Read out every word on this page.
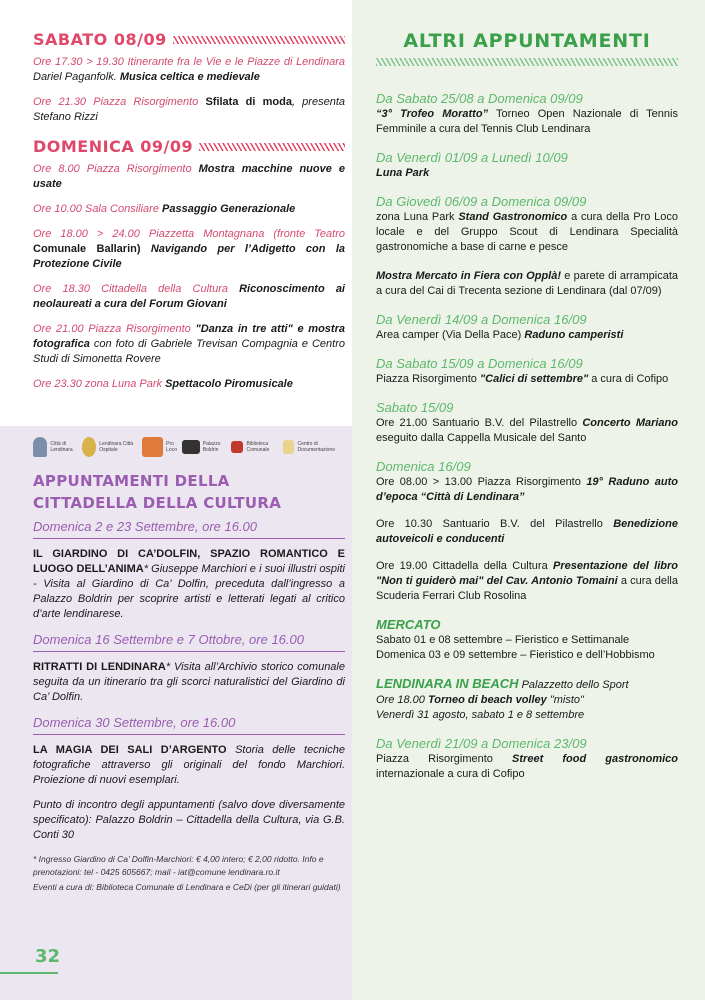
SABATO 08/09
Ore 17.30 > 19.30 Itinerante fra le Vie e le Piazze di Lendinara Dariel Paganfolk. Musica celtica e medievale
Ore 21.30 Piazza Risorgimento Sfilata di moda, presenta Stefano Rizzi
DOMENICA 09/09
Ore 8.00 Piazza Risorgimento Mostra macchine nuove e usate
Ore 10.00 Sala Consiliare Passaggio Generazionale
Ore 18.00 > 24.00 Piazzetta Montagnana (fronte Teatro Comunale Ballarin) Navigando per l’Adigetto con la Protezione Civile
Ore 18.30 Cittadella della Cultura Riconoscimento ai neolaureati a cura del Forum Giovani
Ore 21.00 Piazza Risorgimento "Danza in tre atti" e mostra fotografica con foto di Gabriele Trevisan Compagnia e Centro Studi di Simonetta Rovere
Ore 23.30 zona Luna Park Spettacolo Piromusicale
Città di Lendinara
Lendinara Città Ospitale
Pro Loco
Palazzo Boldrin
Biblioteca Comunale
Centro di Documentazione
APPUNTAMENTI DELLA
CITTADELLA DELLA CULTURA
Domenica 2 e 23 Settembre, ore 16.00
IL GIARDINO DI CA’DOLFIN, SPAZIO ROMANTICO E LUOGO DELL’ANIMA* Giuseppe Marchiori e i suoi illustri ospiti - Visita al Giardino di Ca’ Dolfin, preceduta dall’ingresso a Palazzo Boldrin per scoprire artisti e letterati legati al critico d’arte lendinarese.
Domenica 16 Settembre e 7 Ottobre, ore 16.00
RITRATTI DI LENDINARA* Visita all’Archivio storico comunale seguita da un itinerario tra gli scorci naturalistici del Giardino di Ca’ Dolfin.
Domenica 30 Settembre, ore 16.00
LA MAGIA DEI SALI D’ARGENTO Storia delle tecniche fotografiche attraverso gli originali del fondo Marchiori. Proiezione di nuovi esemplari.
Punto di incontro degli appuntamenti (salvo dove diversamente specificato): Palazzo Boldrin – Cittadella della Cultura, via G.B. Conti 30
* Ingresso Giardino di Ca’ Dolfin-Marchiori: € 4,00 intero; € 2,00 ridotto. Info e prenotazioni: tel - 0425 605667; mail - iat@comune lendinara.ro.it
Eventi a cura di: Biblioteca Comunale di Lendinara e CeDi (per gli itinerari guidati)
32
ALTRI APPUNTAMENTI
Da Sabato 25/08 a Domenica 09/09
“3° Trofeo Moratto” Torneo Open Nazionale di Tennis Femminile a cura del Tennis Club Lendinara
Da Venerdì 01/09 a Lunedì 10/09
Luna Park
Da Giovedì 06/09 a Domenica 09/09
zona Luna Park Stand Gastronomico a cura della Pro Loco locale e del Gruppo Scout di Lendinara Specialità gastronomiche a base di carne e pesce
Mostra Mercato in Fiera con Opplà! e parete di arrampicata a cura del Cai di Trecenta sezione di Lendinara (dal 07/09)
Da Venerdì 14/09 a Domenica 16/09
Area camper (Via Della Pace) Raduno camperisti
Da Sabato 15/09 a Domenica 16/09
Piazza Risorgimento "Calici di settembre" a cura di Cofipo
Sabato 15/09
Ore 21.00 Santuario B.V. del Pilastrello Concerto Mariano eseguito dalla Cappella Musicale del Santo
Domenica 16/09
Ore 08.00 > 13.00 Piazza Risorgimento 19° Raduno auto d’epoca “Città di Lendinara”
Ore 10.30 Santuario B.V. del Pilastrello Benedizione autoveicoli e conducenti
Ore 19.00 Cittadella della Cultura Presentazione del libro "Non ti guiderò mai" del Cav. Antonio Tomaini a cura della Scuderia Ferrari Club Rosolina
MERCATO
Sabato 01 e 08 settembre – Fieristico e Settimanale
Domenica 03 e 09 settembre – Fieristico e dell’Hobbismo
LENDINARA IN BEACH Palazzetto dello Sport
Ore 18.00 Torneo di beach volley "misto"
Venerdì 31 agosto, sabato 1 e 8 settembre
Da Venerdì 21/09 a Domenica 23/09
Piazza Risorgimento Street food gastronomico internazionale a cura di Cofipo
